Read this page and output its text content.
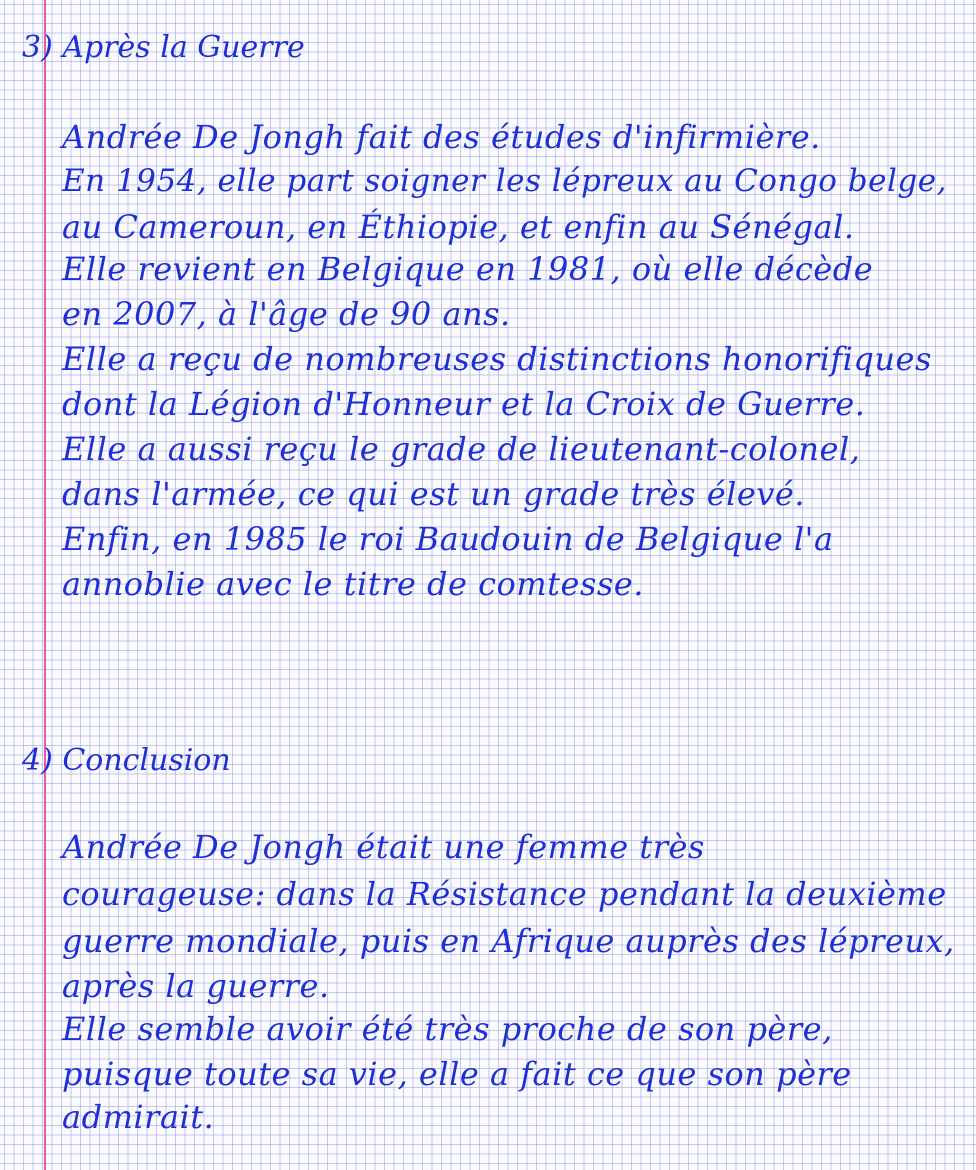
3) Après la Guerre

Andrée De Jongh fait des études d'infirmière.

En 1954, elle part soigner les lépreux au Congo belge,

au Cameroun, en Éthiopie, et enfin au Sénégal.

Elle revient en Belgique en 1981, où elle décède

en 2007, à l'âge de 90 ans.

Elle a reçu de nombreuses distinctions honorifiques

dont la Légion d'Honneur et la Croix de Guerre.

Elle a aussi reçu le grade de lieutenant-colonel,

dans l'armée, ce qui est un grade très élevé.

Enfin, en 1985 le roi Baudouin de Belgique l'a

annoblie avec le titre de comtesse.

4) Conclusion

Andrée De Jongh était une femme très

courageuse: dans la Résistance pendant la deuxième

guerre mondiale, puis en Afrique auprès des lépreux,

après la guerre.

Elle semble avoir été très proche de son père,

puisque toute sa vie, elle a fait ce que son père

admirait.
